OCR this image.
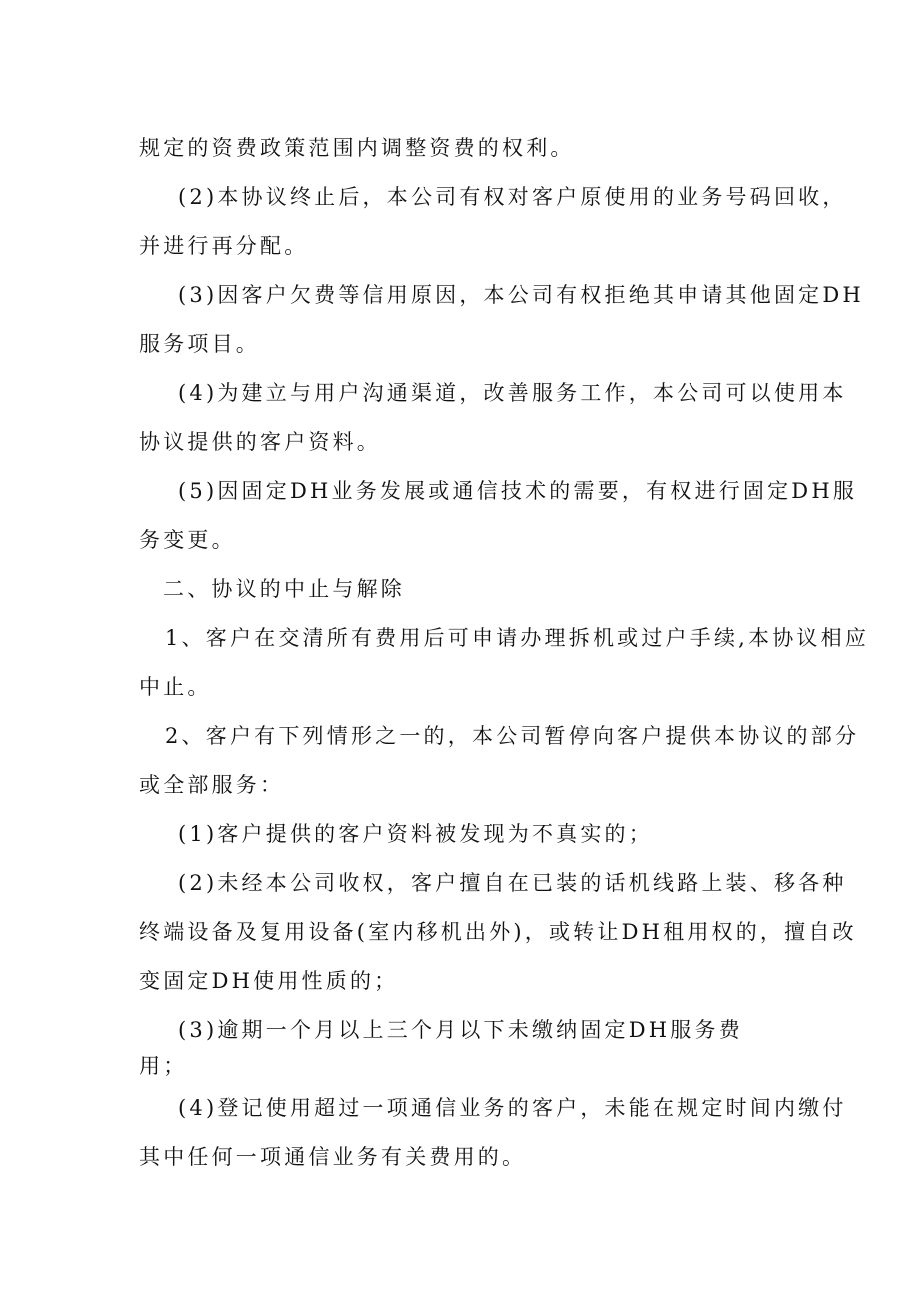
规定的资费政策范围内调整资费的权利。
(2)本协议终止后，本公司有权对客户原使用的业务号码回收，
并进行再分配。
(3)因客户欠费等信用原因，本公司有权拒绝其申请其他固定DH
服务项目。
(4)为建立与用户沟通渠道，改善服务工作，本公司可以使用本
协议提供的客户资料。
(5)因固定DH业务发展或通信技术的需要，有权进行固定DH服
务变更。
二、协议的中止与解除
1、客户在交清所有费用后可申请办理拆机或过户手续,本协议相应
中止。
2、客户有下列情形之一的，本公司暂停向客户提供本协议的部分
或全部服务：
(1)客户提供的客户资料被发现为不真实的；
(2)未经本公司收权，客户擅自在已装的话机线路上装、移各种
终端设备及复用设备(室内移机出外)，或转让DH租用权的，擅自改
变固定DH使用性质的；
(3)逾期一个月以上三个月以下未缴纳固定DH服务费
用；
(4)登记使用超过一项通信业务的客户，未能在规定时间内缴付
其中任何一项通信业务有关费用的。
